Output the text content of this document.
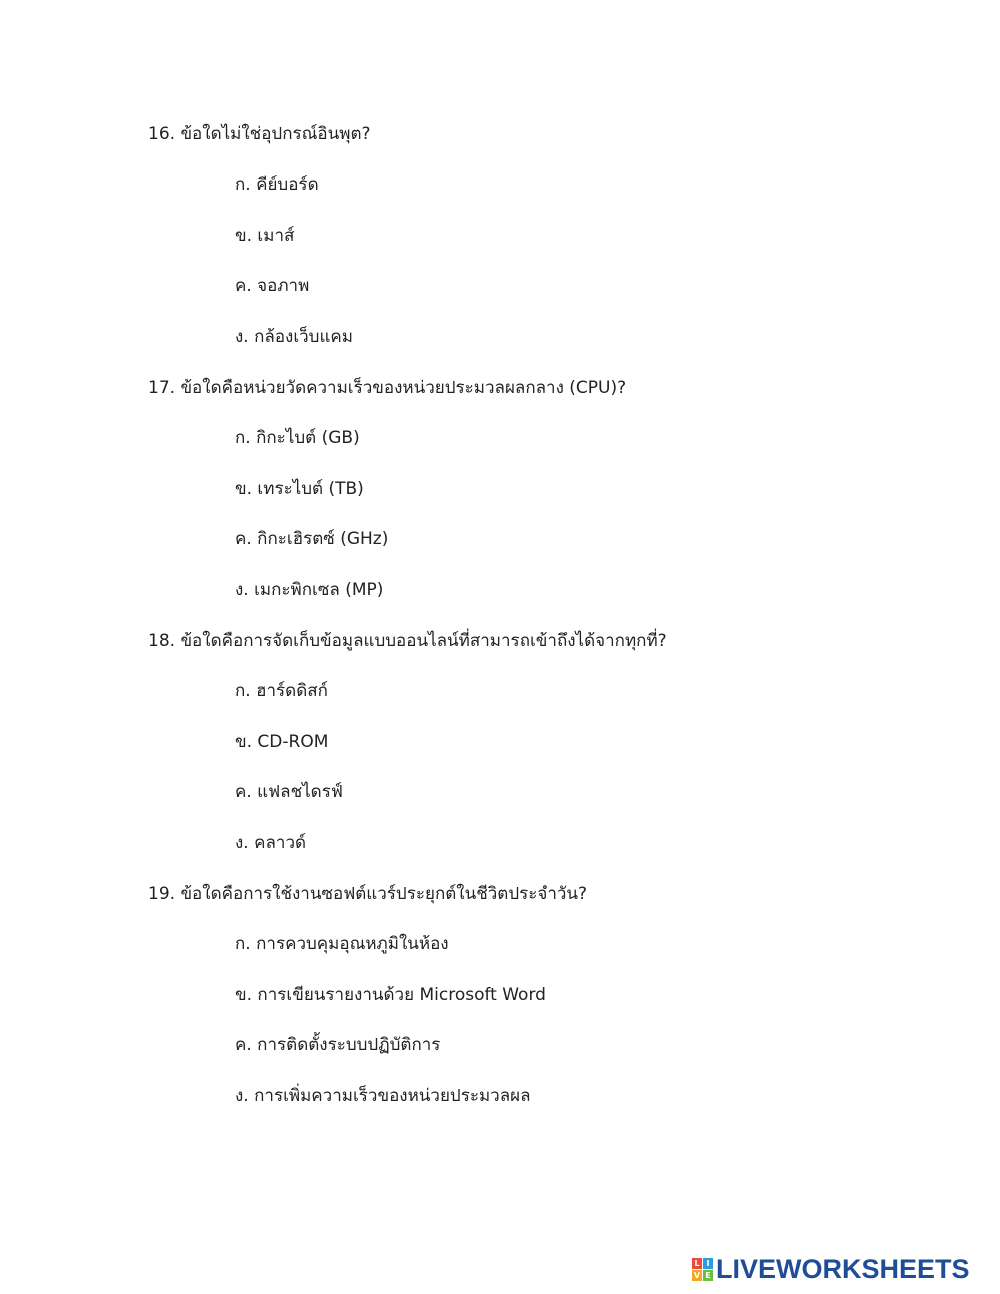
16. ข้อใดไม่ใช่อุปกรณ์อินพุต?
ก. คีย์บอร์ด
ข. เมาส์
ค. จอภาพ
ง. กล้องเว็บแคม
17. ข้อใดคือหน่วยวัดความเร็วของหน่วยประมวลผลกลาง (CPU)?
ก. กิกะไบต์ (GB)
ข. เทระไบต์ (TB)
ค. กิกะเฮิรตซ์ (GHz)
ง. เมกะพิกเซล (MP)
18. ข้อใดคือการจัดเก็บข้อมูลแบบออนไลน์ที่สามารถเข้าถึงได้จากทุกที่?
ก. ฮาร์ดดิสก์
ข. CD-ROM
ค. แฟลชไดรฟ์
ง. คลาวด์
19. ข้อใดคือการใช้งานซอฟต์แวร์ประยุกต์ในชีวิตประจำวัน?
ก. การควบคุมอุณหภูมิในห้อง
ข. การเขียนรายงานด้วย Microsoft Word
ค. การติดตั้งระบบปฏิบัติการ
ง. การเพิ่มความเร็วของหน่วยประมวลผล
L I
V E LIVEWORKSHEETS
